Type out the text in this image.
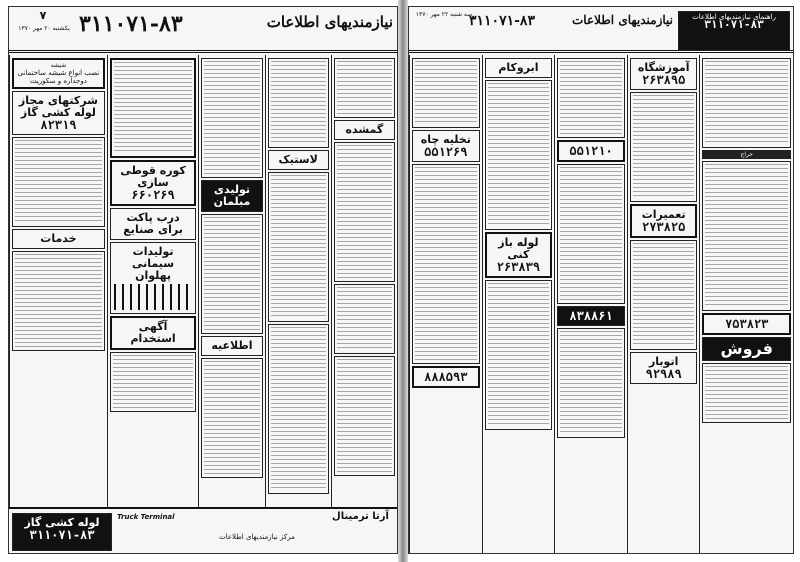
۷
یکشنبه ۲۰ مهر ۱۳۷۰ ۳۱۱۰۷۱-۸۳	نیازمندیهای اطلاعات
گمشده
لاستیک
تولیدی مبلمان
اطلاعیه
کوره قوطی سازی
۶۶۰۲۶۹
درب پاکت برای صنایع
تولیدات سیمانی پهلوان
آگهی استخدام
شیشه
نصب انواع شیشه ساختمانی دوجداره و سکوریت
شرکتهای مجاز لوله کشی گاز
۸۲۳۱۹
خدمات
لوله کشی گاز
۳۱۱۰۷۱-۸۳
Truck Terminal	آرتا ترمینال
مرکز نیازمندیهای اطلاعات
سه شنبه ۲۲ مهر ۱۳۷۰
۳۱۱۰۷۱-۸۳	نیازمندیهای اطلاعات	راهنمای نیازمندیهای اطلاعات
۳۱۱۰۷۱-۸۳
حراج
۷۵۳۸۲۳
فروش
آموزشگاه
۲۶۳۸۹۵
تعمیرات
۲۷۳۸۲۵
اتوبار
۹۲۹۸۹
۵۵۱۲۱۰
۸۳۸۸۶۱
ابروکام
لوله باز کنی
۲۶۳۸۳۹
تخلیه چاه
۵۵۱۲۶۹
۸۸۸۵۹۳
